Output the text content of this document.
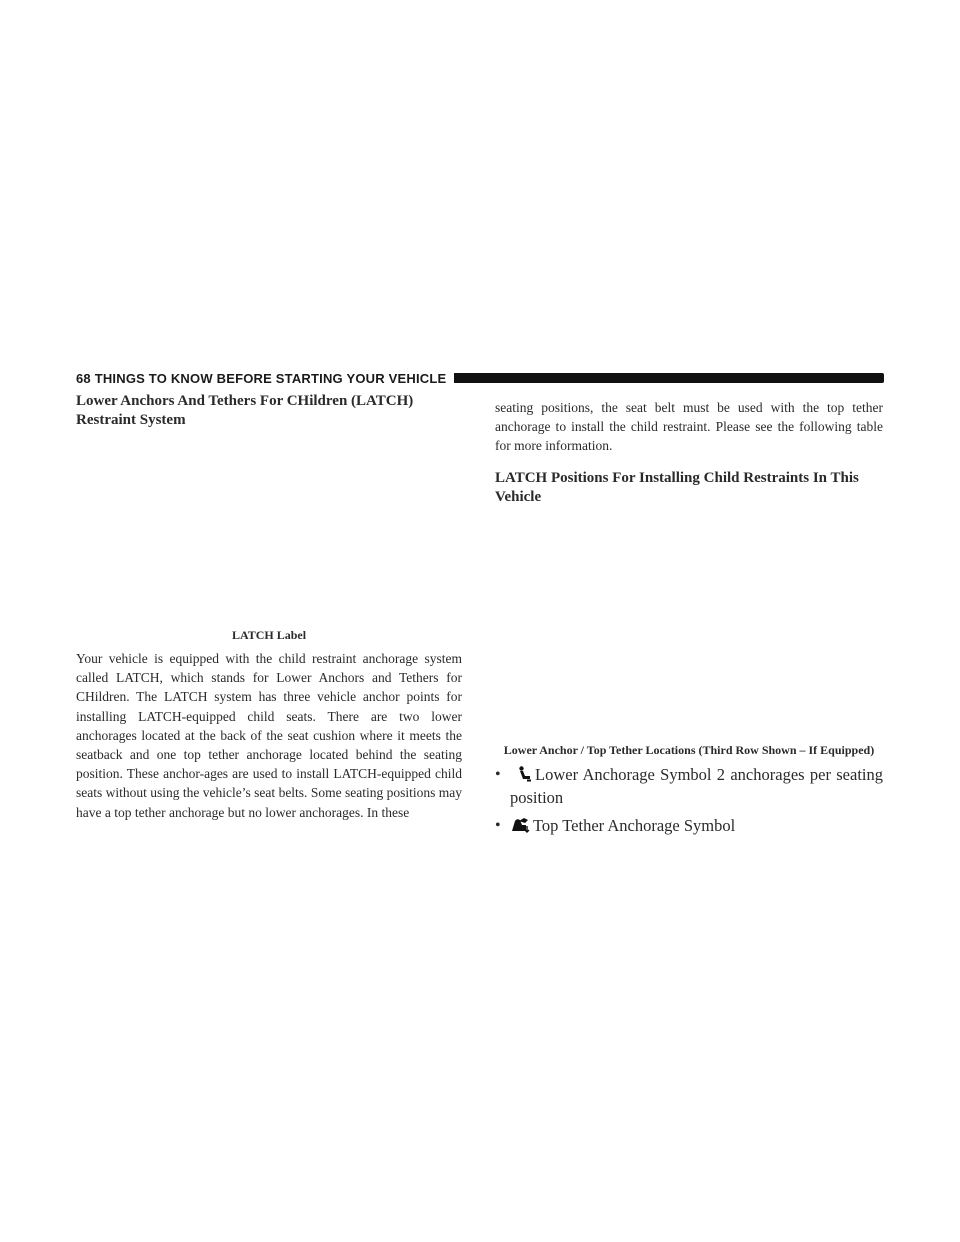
68 THINGS TO KNOW BEFORE STARTING YOUR VEHICLE
Lower Anchors And Tethers For CHildren (LATCH) Restraint System

LATCH Label

Your vehicle is equipped with the child restraint anchorage system called LATCH, which stands for Lower Anchors and Tethers for CHildren. The LATCH system has three vehicle anchor points for installing LATCH-equipped child seats. There are two lower anchorages located at the back of the seat cushion where it meets the seatback and one top tether anchorage located behind the seating position. These anchor-ages are used to install LATCH-equipped child seats without using the vehicle’s seat belts. Some seating positions may have a top tether anchorage but no lower anchorages. In these

seating positions, the seat belt must be used with the top tether anchorage to install the child restraint. Please see the following table for more information.

LATCH Positions For Installing Child Restraints In This Vehicle

Lower Anchor / Top Tether Locations (Third Row Shown – If Equipped)

• Lower Anchorage Symbol 2 anchorages per seating position
• Top Tether Anchorage Symbol
